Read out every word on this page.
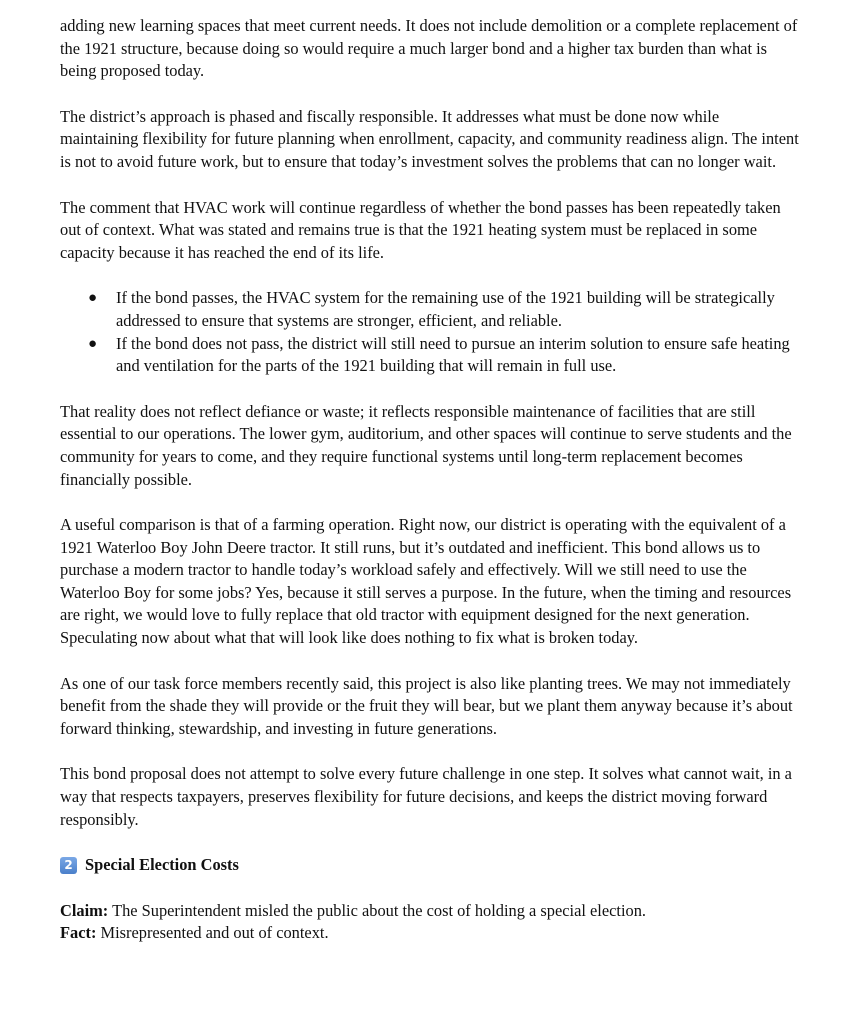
adding new learning spaces that meet current needs. It does not include demolition or a complete replacement of the 1921 structure, because doing so would require a much larger bond and a higher tax burden than what is being proposed today.

The district’s approach is phased and fiscally responsible. It addresses what must be done now while maintaining flexibility for future planning when enrollment, capacity, and community readiness align. The intent is not to avoid future work, but to ensure that today’s investment solves the problems that can no longer wait.

The comment that HVAC work will continue regardless of whether the bond passes has been repeatedly taken out of context. What was stated and remains true is that the 1921 heating system must be replaced in some capacity because it has reached the end of its life.

● If the bond passes, the HVAC system for the remaining use of the 1921 building will be strategically addressed to ensure that systems are stronger, efficient, and reliable.
● If the bond does not pass, the district will still need to pursue an interim solution to ensure safe heating and ventilation for the parts of the 1921 building that will remain in full use.

That reality does not reflect defiance or waste; it reflects responsible maintenance of facilities that are still essential to our operations. The lower gym, auditorium, and other spaces will continue to serve students and the community for years to come, and they require functional systems until long-term replacement becomes financially possible.

A useful comparison is that of a farming operation. Right now, our district is operating with the equivalent of a 1921 Waterloo Boy John Deere tractor. It still runs, but it’s outdated and inefficient. This bond allows us to purchase a modern tractor to handle today’s workload safely and effectively. Will we still need to use the Waterloo Boy for some jobs? Yes, because it still serves a purpose. In the future, when the timing and resources are right, we would love to fully replace that old tractor with equipment designed for the next generation. Speculating now about what that will look like does nothing to fix what is broken today.

As one of our task force members recently said, this project is also like planting trees. We may not immediately benefit from the shade they will provide or the fruit they will bear, but we plant them anyway because it’s about forward thinking, stewardship, and investing in future generations.

This bond proposal does not attempt to solve every future challenge in one step. It solves what cannot wait, in a way that respects taxpayers, preserves flexibility for future decisions, and keeps the district moving forward responsibly.

2 Special Election Costs

Claim: The Superintendent misled the public about the cost of holding a special election.

Fact: Misrepresented and out of context.
